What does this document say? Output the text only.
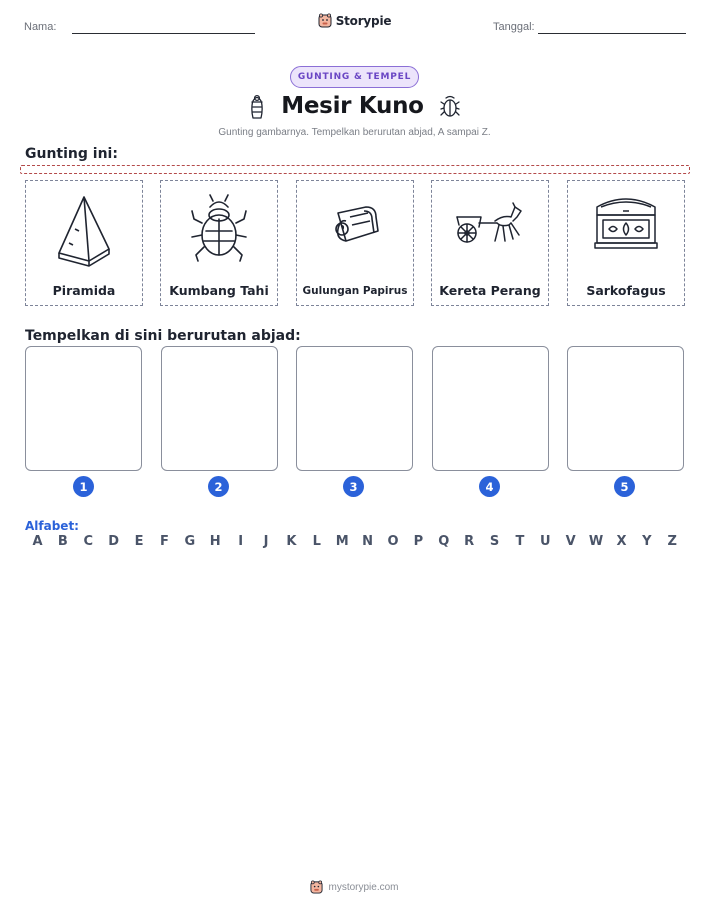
Nama:	Storypie	Tanggal:
GUNTING & TEMPEL
Mesir Kuno
Gunting gambarnya. Tempelkan berurutan abjad, A sampai Z.
Gunting ini:
Piramida	Kumbang Tahi	Gulungan Papirus	Kereta Perang	Sarkofagus
Tempelkan di sini berurutan abjad:
1	2	3	4	5
Alfabet:
A	B	C	D	E	F	G	H	I	J	K	L	M	N	O	P	Q	R	S	T	U	V	W	X	Y	Z
mystorypie.com
